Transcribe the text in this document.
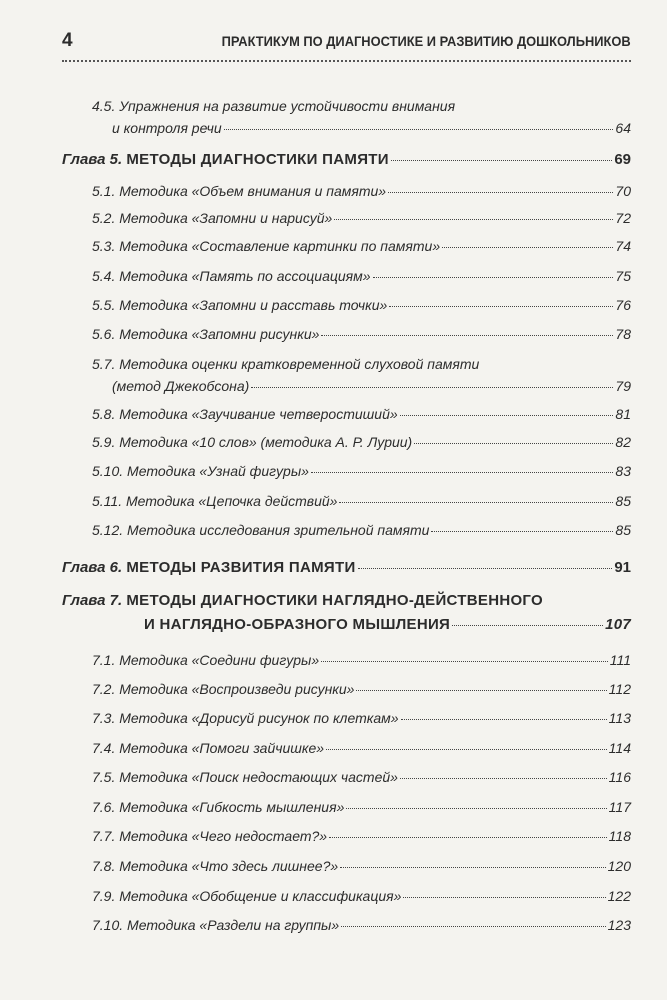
4	ПРАКТИКУМ ПО ДИАГНОСТИКЕ И РАЗВИТИЮ ДОШКОЛЬНИКОВ
4.5. Упражнения на развитие устойчивости внимания
и контроля речи	64
Глава 5.
МЕТОДЫ ДИАГНОСТИКИ ПАМЯТИ	69
5.1. Методика «Объем внимания и памяти»	70
5.2. Методика «Запомни и нарисуй»	72
5.3. Методика «Составление картинки по памяти»	74
5.4. Методика «Память по ассоциациям»	75
5.5. Методика «Запомни и расставь точки»	76
5.6. Методика «Запомни рисунки»	78
5.7. Методика оценки кратковременной слуховой памяти
(метод Джекобсона)	79
5.8. Методика «Заучивание четверостиший»	81
5.9. Методика «10 слов» (методика А. Р. Лурии)	82
5.10. Методика «Узнай фигуры»	83
5.11. Методика «Цепочка действий»	85
5.12. Методика исследования зрительной памяти	85
Глава 6.
МЕТОДЫ РАЗВИТИЯ ПАМЯТИ	91
Глава 7.
МЕТОДЫ ДИАГНОСТИКИ НАГЛЯДНО-ДЕЙСТВЕННОГО
И НАГЛЯДНО-ОБРАЗНОГО МЫШЛЕНИЯ	107
7.1. Методика «Соедини фигуры»	111
7.2. Методика «Воспроизведи рисунки»	112
7.3. Методика «Дорисуй рисунок по клеткам»	113
7.4. Методика «Помоги зайчишке»	114
7.5. Методика «Поиск недостающих частей»	116
7.6. Методика «Гибкость мышления»	117
7.7. Методика «Чего недостает?»	118
7.8. Методика «Что здесь лишнее?»	120
7.9. Методика «Обобщение и классификация»	122
7.10. Методика «Раздели на группы»	123
